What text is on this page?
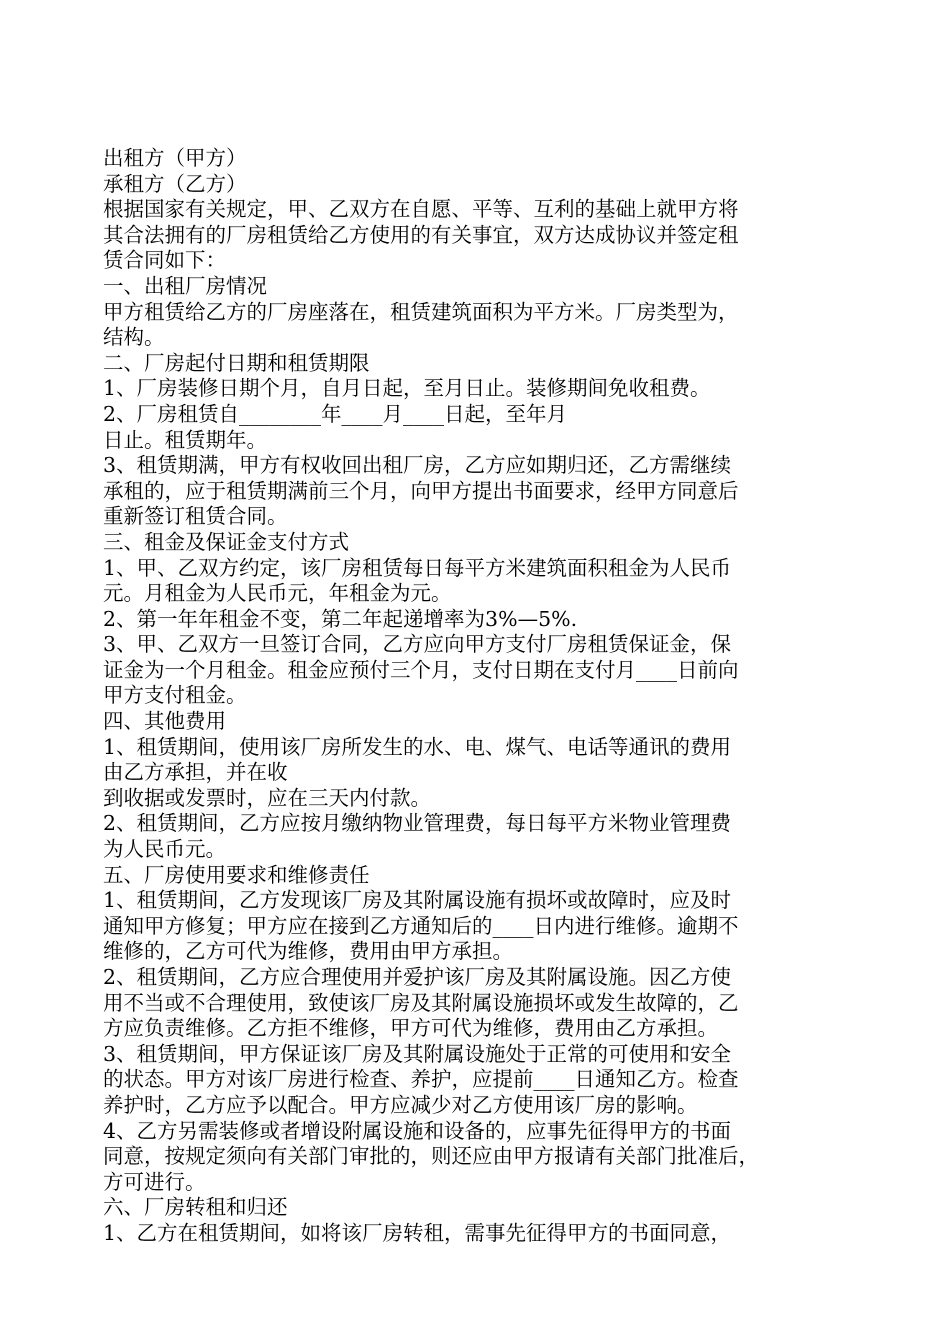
出租方（甲方）
承租方（乙方）
根据国家有关规定，甲、乙双方在自愿、平等、互利的基础上就甲方将
其合法拥有的厂房租赁给乙方使用的有关事宜，双方达成协议并签定租
赁合同如下：
一、出租厂房情况
甲方租赁给乙方的厂房座落在，租赁建筑面积为平方米。厂房类型为，
结构。
二、厂房起付日期和租赁期限
1、厂房装修日期个月，自月日起，至月日止。装修期间免收租费。
2、厂房租赁自________年____月____日起，至年月
日止。租赁期年。
3、租赁期满，甲方有权收回出租厂房，乙方应如期归还，乙方需继续
承租的，应于租赁期满前三个月，向甲方提出书面要求，经甲方同意后
重新签订租赁合同。
三、租金及保证金支付方式
1、甲、乙双方约定，该厂房租赁每日每平方米建筑面积租金为人民币
元。月租金为人民币元，年租金为元。
2、第一年年租金不变，第二年起递增率为3%—5%.
3、甲、乙双方一旦签订合同，乙方应向甲方支付厂房租赁保证金，保
证金为一个月租金。租金应预付三个月，支付日期在支付月____日前向
甲方支付租金。
四、其他费用
1、租赁期间，使用该厂房所发生的水、电、煤气、电话等通讯的费用
由乙方承担，并在收
到收据或发票时，应在三天内付款。
2、租赁期间，乙方应按月缴纳物业管理费，每日每平方米物业管理费
为人民币元。
五、厂房使用要求和维修责任
1、租赁期间，乙方发现该厂房及其附属设施有损坏或故障时，应及时
通知甲方修复；甲方应在接到乙方通知后的____日内进行维修。逾期不
维修的，乙方可代为维修，费用由甲方承担。
2、租赁期间，乙方应合理使用并爱护该厂房及其附属设施。因乙方使
用不当或不合理使用，致使该厂房及其附属设施损坏或发生故障的，乙
方应负责维修。乙方拒不维修，甲方可代为维修，费用由乙方承担。
3、租赁期间，甲方保证该厂房及其附属设施处于正常的可使用和安全
的状态。甲方对该厂房进行检查、养护，应提前____日通知乙方。检查
养护时，乙方应予以配合。甲方应减少对乙方使用该厂房的影响。
4、乙方另需装修或者增设附属设施和设备的，应事先征得甲方的书面
同意，按规定须向有关部门审批的，则还应由甲方报请有关部门批准后，
方可进行。
六、厂房转租和归还
1、乙方在租赁期间，如将该厂房转租，需事先征得甲方的书面同意，
